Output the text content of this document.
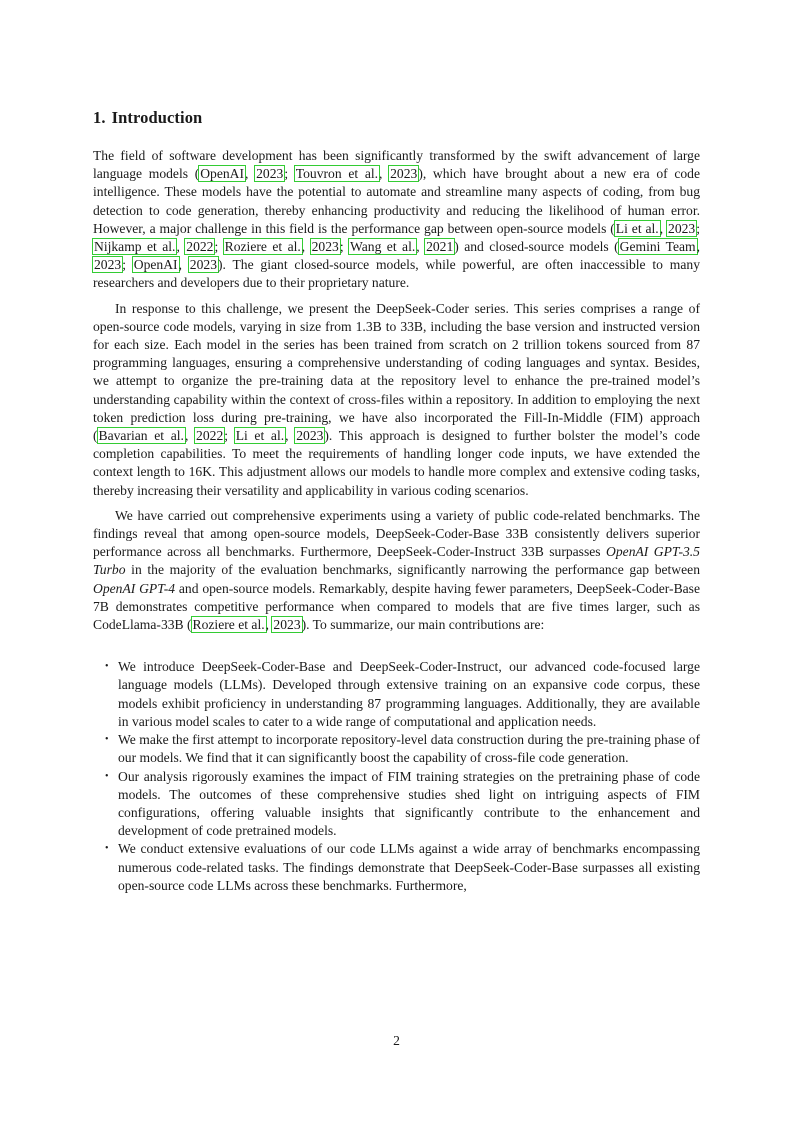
1. Introduction

The field of software development has been significantly transformed by the swift advancement of large language models (OpenAI, 2023; Touvron et al., 2023), which have brought about a new era of code intelligence. These models have the potential to automate and streamline many aspects of coding, from bug detection to code generation, thereby enhancing productivity and reducing the likelihood of human error. However, a major challenge in this field is the performance gap between open-source models (Li et al., 2023; Nijkamp et al., 2022; Roziere et al., 2023; Wang et al., 2021) and closed-source models (Gemini Team, 2023; OpenAI, 2023). The giant closed-source models, while powerful, are often inaccessible to many researchers and developers due to their proprietary nature.

In response to this challenge, we present the DeepSeek-Coder series. This series comprises a range of open-source code models, varying in size from 1.3B to 33B, including the base version and instructed version for each size. Each model in the series has been trained from scratch on 2 trillion tokens sourced from 87 programming languages, ensuring a comprehensive understanding of coding languages and syntax. Besides, we attempt to organize the pre-training data at the repository level to enhance the pre-trained model’s understanding capability within the context of cross-files within a repository. In addition to employing the next token prediction loss during pre-training, we have also incorporated the Fill-In-Middle (FIM) approach (Bavarian et al., 2022; Li et al., 2023). This approach is designed to further bolster the model’s code completion capabilities. To meet the requirements of handling longer code inputs, we have extended the context length to 16K. This adjustment allows our models to handle more complex and extensive coding tasks, thereby increasing their versatility and applicability in various coding scenarios.

We have carried out comprehensive experiments using a variety of public code-related benchmarks. The findings reveal that among open-source models, DeepSeek-Coder-Base 33B consistently delivers superior performance across all benchmarks. Furthermore, DeepSeek-Coder-Instruct 33B surpasses OpenAI GPT-3.5 Turbo in the majority of the evaluation benchmarks, significantly narrowing the performance gap between OpenAI GPT-4 and open-source models. Remarkably, despite having fewer parameters, DeepSeek-Coder-Base 7B demonstrates competitive performance when compared to models that are five times larger, such as CodeLlama-33B (Roziere et al., 2023). To summarize, our main contributions are:

• We introduce DeepSeek-Coder-Base and DeepSeek-Coder-Instruct, our advanced code-focused large language models (LLMs). Developed through extensive training on an expansive code corpus, these models exhibit proficiency in understanding 87 programming languages. Additionally, they are available in various model scales to cater to a wide range of computational and application needs.
• We make the first attempt to incorporate repository-level data construction during the pre-training phase of our models. We find that it can significantly boost the capability of cross-file code generation.
• Our analysis rigorously examines the impact of FIM training strategies on the pretraining phase of code models. The outcomes of these comprehensive studies shed light on intriguing aspects of FIM configurations, offering valuable insights that significantly contribute to the enhancement and development of code pretrained models.
• We conduct extensive evaluations of our code LLMs against a wide array of benchmarks encompassing numerous code-related tasks. The findings demonstrate that DeepSeek-Coder-Base surpasses all existing open-source code LLMs across these benchmarks. Furthermore,
2
